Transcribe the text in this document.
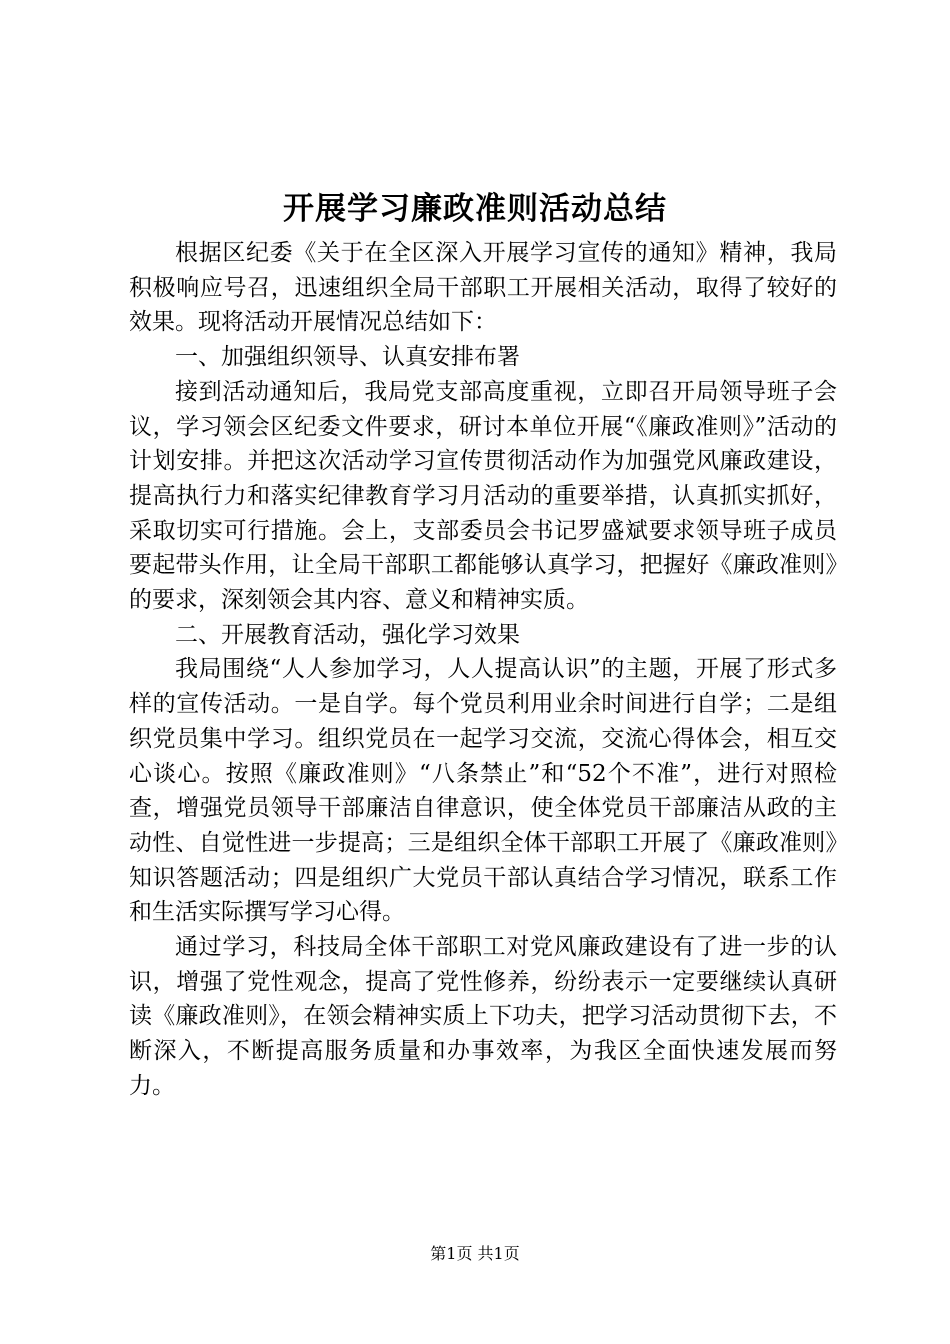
开展学习廉政准则活动总结

根据区纪委《关于在全区深入开展学习宣传的通知》精神，我局积极响应号召，迅速组织全局干部职工开展相关活动，取得了较好的效果。现将活动开展情况总结如下：

一、加强组织领导、认真安排布署

接到活动通知后，我局党支部高度重视，立即召开局领导班子会议，学习领会区纪委文件要求，研讨本单位开展“《廉政准则》”活动的计划安排。并把这次活动学习宣传贯彻活动作为加强党风廉政建设，提高执行力和落实纪律教育学习月活动的重要举措，认真抓实抓好，采取切实可行措施。会上，支部委员会书记罗盛斌要求领导班子成员要起带头作用，让全局干部职工都能够认真学习，把握好《廉政准则》的要求，深刻领会其内容、意义和精神实质。

二、开展教育活动，强化学习效果

我局围绕“人人参加学习，人人提高认识”的主题，开展了形式多样的宣传活动。一是自学。每个党员利用业余时间进行自学；二是组织党员集中学习。组织党员在一起学习交流，交流心得体会，相互交心谈心。按照《廉政准则》“八条禁止”和“52个不准”，进行对照检查，增强党员领导干部廉洁自律意识，使全体党员干部廉洁从政的主动性、自觉性进一步提高；三是组织全体干部职工开展了《廉政准则》知识答题活动；四是组织广大党员干部认真结合学习情况，联系工作和生活实际撰写学习心得。

通过学习，科技局全体干部职工对党风廉政建设有了进一步的认识，增强了党性观念，提高了党性修养，纷纷表示一定要继续认真研读《廉政准则》，在领会精神实质上下功夫，把学习活动贯彻下去，不断深入，不断提高服务质量和办事效率，为我区全面快速发展而努力。

第1页 共1页
